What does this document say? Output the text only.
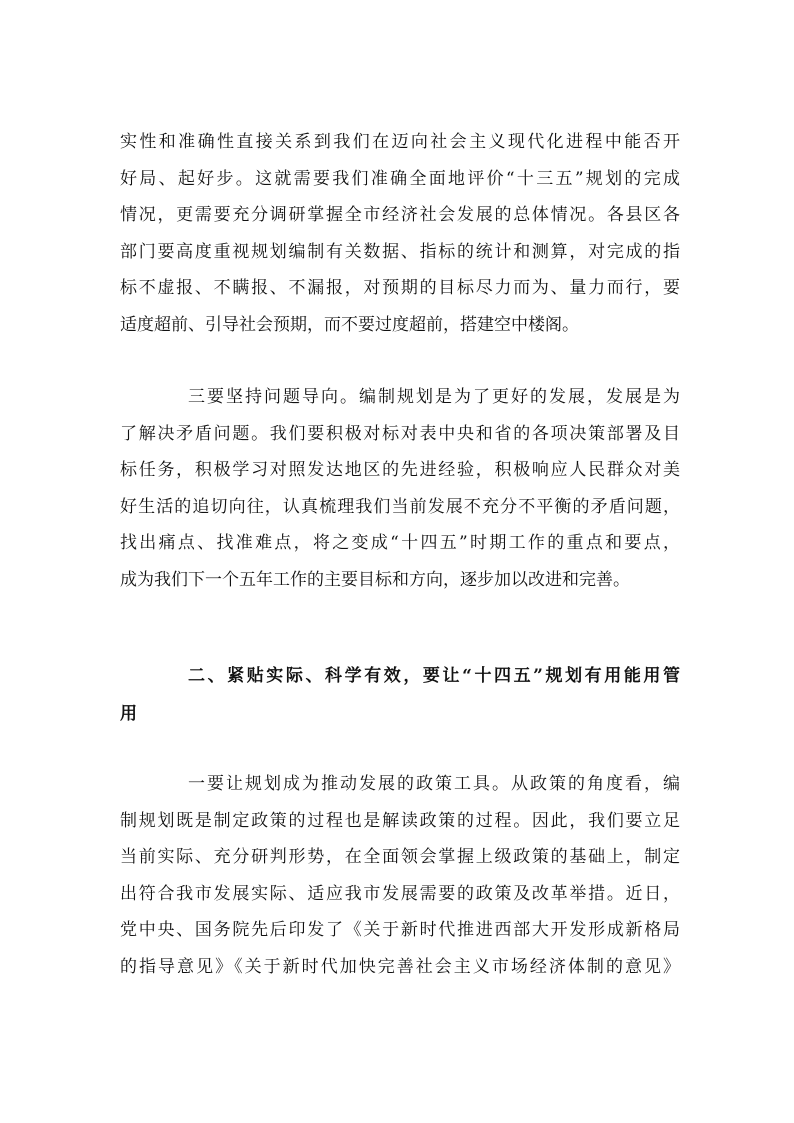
实性和准确性直接关系到我们在迈向社会主义现代化进程中能否开
好局、起好步。这就需要我们准确全面地评价“十三五”规划的完成
情况，更需要充分调研掌握全市经济社会发展的总体情况。各县区各
部门要高度重视规划编制有关数据、指标的统计和测算，对完成的指
标不虚报、不瞒报、不漏报，对预期的目标尽力而为、量力而行，要
适度超前、引导社会预期，而不要过度超前，搭建空中楼阁。

三要坚持问题导向。编制规划是为了更好的发展，发展是为
了解决矛盾问题。我们要积极对标对表中央和省的各项决策部署及目
标任务，积极学习对照发达地区的先进经验，积极响应人民群众对美
好生活的追切向往，认真梳理我们当前发展不充分不平衡的矛盾问题，
找出痛点、找准难点，将之变成“十四五”时期工作的重点和要点，
成为我们下一个五年工作的主要目标和方向，逐步加以改进和完善。

二、紧贴实际、科学有效，要让“十四五”规划有用能用管
用

一要让规划成为推动发展的政策工具。从政策的角度看，编
制规划既是制定政策的过程也是解读政策的过程。因此，我们要立足
当前实际、充分研判形势，在全面领会掌握上级政策的基础上，制定
出符合我市发展实际、适应我市发展需要的政策及改革举措。近日，
党中央、国务院先后印发了《关于新时代推进西部大开发形成新格局
的指导意见》《关于新时代加快完善社会主义市场经济体制的意见》
